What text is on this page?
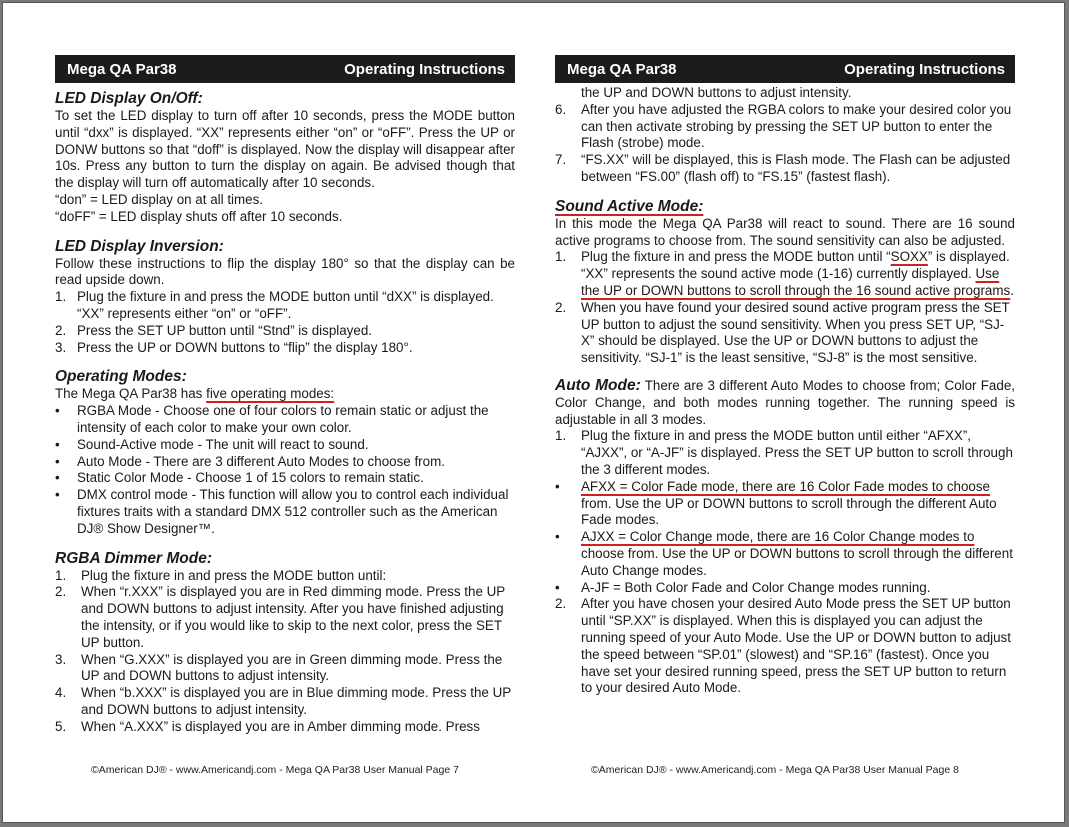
Mega QA Par38	Operating Instructions
LED Display On/Off:

To set the LED display to turn off after 10 seconds, press the MODE button until “dxx” is displayed. “XX” represents either “on” or “oFF”. Press the UP or DONW buttons so that “doff” is displayed. Now the display will disappear after 10s. Press any button to turn the display on again. Be advised though that the display will turn off automatically after 10 seconds.

“don” = LED display on at all times.

“doFF” = LED display shuts off after 10 seconds.

LED Display Inversion:

Follow these instructions to flip the display 180° so that the display can be read upside down.

1. Plug the fixture in and press the MODE button until “dXX” is displayed. “XX” represents either “on” or “oFF”.
2. Press the SET UP button until “Stnd” is displayed.
3. Press the UP or DOWN buttons to “flip” the display 180°.
Operating Modes:

The Mega QA Par38 has five operating modes:

•	RGBA Mode - Choose one of four colors to remain static or adjust the intensity of each color to make your own color.
•	Sound-Active mode - The unit will react to sound.
•	Auto Mode - There are 3 different Auto Modes to choose from.
•	Static Color Mode - Choose 1 of 15 colors to remain static.
•	DMX control mode - This function will allow you to control each individual fixtures traits with a standard DMX 512 controller such as the American DJ® Show Designer™.
RGBA Dimmer Mode:
1.	Plug the fixture in and press the MODE button until:
2.	When “r.XXX” is displayed you are in Red dimming mode. Press the UP and DOWN buttons to adjust intensity. After you have finished adjusting the intensity, or if you would like to skip to the next color, press the SET UP button.
3.	When “G.XXX” is displayed you are in Green dimming mode. Press the UP and DOWN buttons to adjust intensity.
4.	When “b.XXX” is displayed you are in Blue dimming mode. Press the UP and DOWN buttons to adjust intensity.
5.	When “A.XXX” is displayed you are in Amber dimming mode. Press
©American DJ® - www.Americandj.com - Mega QA Par38 User Manual Page 7
Mega QA Par38	Operating Instructions
the UP and DOWN buttons to adjust intensity.
6.	After you have adjusted the RGBA colors to make your desired color you can then activate strobing by pressing the SET UP button to enter the Flash (strobe) mode.
7.	“FS.XX” will be displayed, this is Flash mode. The Flash can be adjusted between “FS.00” (flash off) to “FS.15” (fastest flash).
Sound Active Mode:

In this mode the Mega QA Par38 will react to sound. There are 16 sound active programs to choose from. The sound sensitivity can also be adjusted.

1.	Plug the fixture in and press the MODE button until “SOXX” is displayed. “XX” represents the sound active mode (1-16) currently displayed. Use the UP or DOWN buttons to scroll through the 16 sound active programs.
2.	When you have found your desired sound active program press the SET UP button to adjust the sound sensitivity. When you press SET UP, “SJ-X” should be displayed. Use the UP or DOWN buttons to adjust the sensitivity. “SJ-1” is the least sensitive, “SJ-8” is the most sensitive.

Auto Mode: There are 3 different Auto Modes to choose from; Color Fade, Color Change, and both modes running together. The running speed is adjustable in all 3 modes.

1.	Plug the fixture in and press the MODE button until either “AFXX”, “AJXX”, or “A-JF” is displayed. Press the SET UP button to scroll through the 3 different modes.
•	AFXX = Color Fade mode, there are 16 Color Fade modes to choose from. Use the UP or DOWN buttons to scroll through the different Auto Fade modes.
•	AJXX = Color Change mode, there are 16 Color Change modes to choose from. Use the UP or DOWN buttons to scroll through the different Auto Change modes.
•	A-JF = Both Color Fade and Color Change modes running.
2.	After you have chosen your desired Auto Mode press the SET UP button until “SP.XX” is displayed. When this is displayed you can adjust the running speed of your Auto Mode. Use the UP or DOWN button to adjust the speed between “SP.01” (slowest) and “SP.16” (fastest). Once you have set your desired running speed, press the SET UP button to return to your desired Auto Mode.
©American DJ® - www.Americandj.com - Mega QA Par38 User Manual Page 8
